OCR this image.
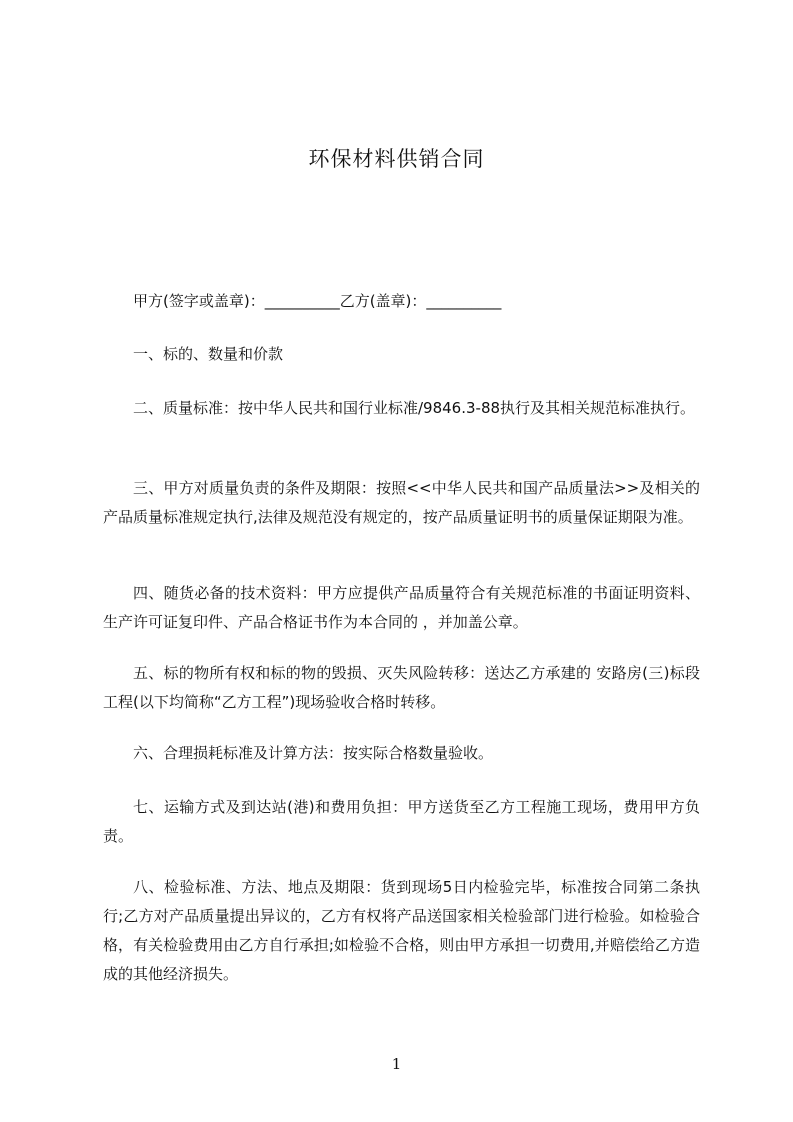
环保材料供销合同
甲方(签字或盖章)：__________乙方(盖章)：__________
一、标的、数量和价款
二、质量标准：按中华人民共和国行业标准/9846.3-88执行及其相关规范标准执行。
三、甲方对质量负责的条件及期限：按照<<中华人民共和国产品质量法>>及相关的产品质量标准规定执行,法律及规范没有规定的，按产品质量证明书的质量保证期限为准。
四、随货必备的技术资料：甲方应提供产品质量符合有关规范标准的书面证明资料、生产许可证复印件、产品合格证书作为本合同的 ，并加盖公章。
五、标的物所有权和标的物的毁损、灭失风险转移：送达乙方承建的 安路房(三)标段工程(以下均简称“乙方工程”)现场验收合格时转移。
六、合理损耗标准及计算方法：按实际合格数量验收。
七、运输方式及到达站(港)和费用负担：甲方送货至乙方工程施工现场，费用甲方负责。
八、检验标准、方法、地点及期限：货到现场5日内检验完毕，标准按合同第二条执行;乙方对产品质量提出异议的，乙方有权将产品送国家相关检验部门进行检验。如检验合格，有关检验费用由乙方自行承担;如检验不合格，则由甲方承担一切费用,并赔偿给乙方造成的其他经济损失。
1
